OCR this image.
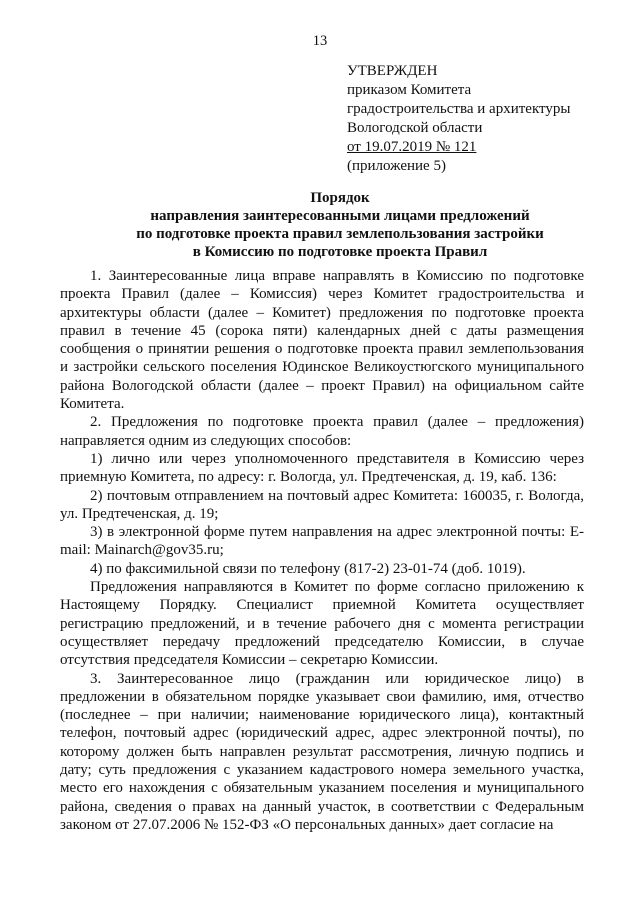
13
УТВЕРЖДЕН
приказом Комитета
градостроительства и архитектуры
Вологодской области
от 19.07.2019 № 121
(приложение 5)
Порядок
направления заинтересованными лицами предложений
по подготовке проекта правил землепользования застройки
в Комиссию по подготовке проекта Правил

1. Заинтересованные лица вправе направлять в Комиссию по подготовке проекта Правил (далее – Комиссия) через Комитет градостроительства и архитектуры области (далее – Комитет) предложения по подготовке проекта правил в течение 45 (сорока пяти) календарных дней с даты размещения сообщения о принятии решения о подготовке проекта правил землепользования и застройки сельского поселения Юдинское Великоустюгского муниципального района Вологодской области (далее – проект Правил) на официальном сайте Комитета.

2. Предложения по подготовке проекта правил (далее – предложения) направляется одним из следующих способов:

1) лично или через уполномоченного представителя в Комиссию через приемную Комитета, по адресу: г. Вологда, ул. Предтеченская, д. 19, каб. 136:

2) почтовым отправлением на почтовый адрес Комитета: 160035, г. Вологда, ул. Предтеченская, д. 19;

3) в электронной форме путем направления на адрес электронной почты: E-mail: Mainarch@gov35.ru;

4) по факсимильной связи по телефону (817-2) 23-01-74 (доб. 1019).

Предложения направляются в Комитет по форме согласно приложению к Настоящему Порядку. Специалист приемной Комитета осуществляет регистрацию предложений, и в течение рабочего дня с момента регистрации осуществляет передачу предложений председателю Комиссии, в случае отсутствия председателя Комиссии – секретарю Комиссии.

3. Заинтересованное лицо (гражданин или юридическое лицо) в предложении в обязательном порядке указывает свои фамилию, имя, отчество (последнее – при наличии; наименование юридического лица), контактный телефон, почтовый адрес (юридический адрес, адрес электронной почты), по которому должен быть направлен результат рассмотрения, личную подпись и дату; суть предложения с указанием кадастрового номера земельного участка, место его нахождения с обязательным указанием поселения и муниципального района, сведения о правах на данный участок, в соответствии с Федеральным законом от 27.07.2006 № 152-ФЗ «О персональных данных» дает согласие на
